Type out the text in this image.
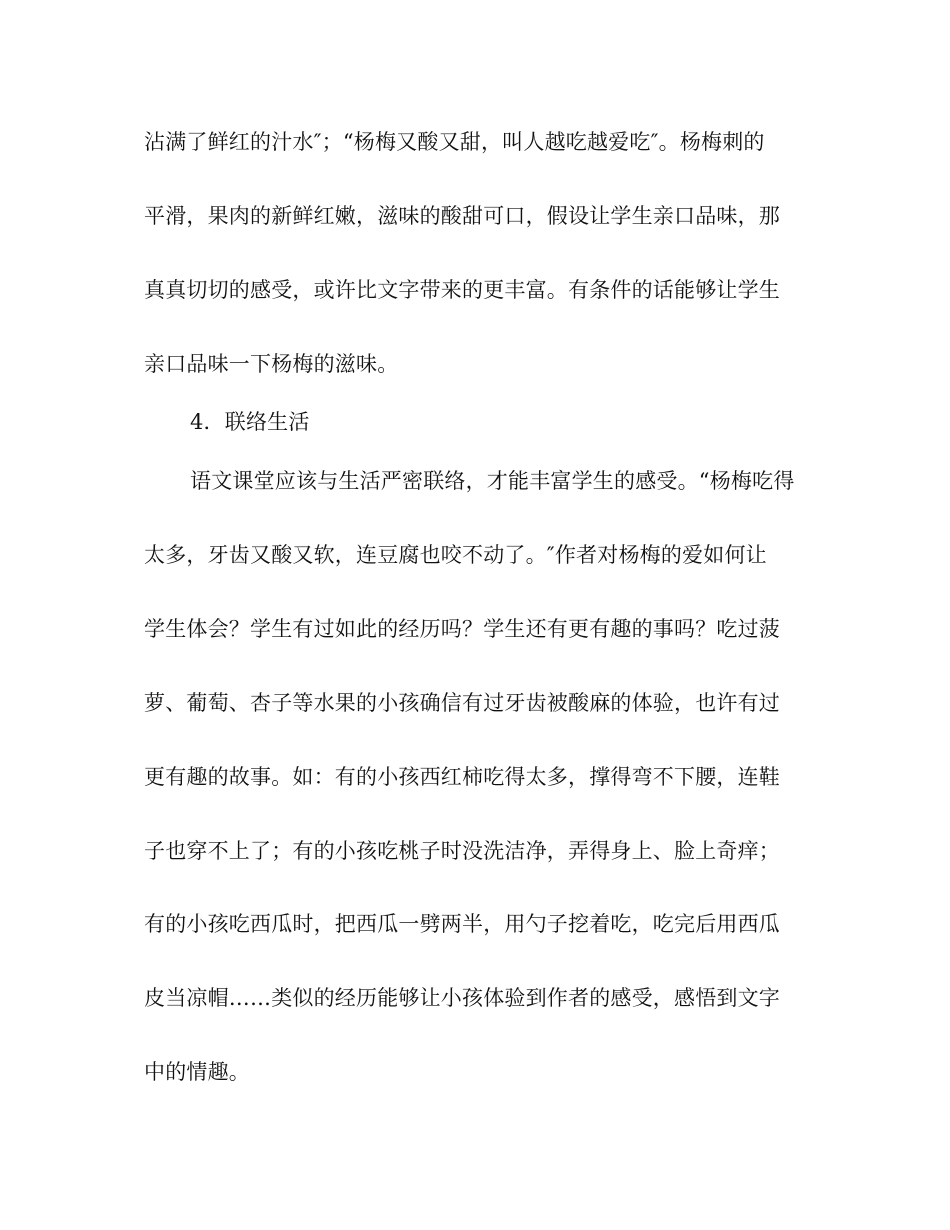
沾满了鲜红的汁水″；“杨梅又酸又甜，叫人越吃越爱吃″。杨梅刺的
平滑，果肉的新鲜红嫩，滋味的酸甜可口，假设让学生亲口品味，那
真真切切的感受，或许比文字带来的更丰富。有条件的话能够让学生
亲口品味一下杨梅的滋味。
4．联络生活
语文课堂应该与生活严密联络，才能丰富学生的感受。“杨梅吃得
太多，牙齿又酸又软，连豆腐也咬不动了。″作者对杨梅的爱如何让
学生体会？学生有过如此的经历吗？学生还有更有趣的事吗？吃过菠
萝、葡萄、杏子等水果的小孩确信有过牙齿被酸麻的体验，也许有过
更有趣的故事。如：有的小孩西红柿吃得太多，撑得弯不下腰，连鞋
子也穿不上了；有的小孩吃桃子时没洗洁净，弄得身上、脸上奇痒；
有的小孩吃西瓜时，把西瓜一劈两半，用勺子挖着吃，吃完后用西瓜
皮当凉帽……类似的经历能够让小孩体验到作者的感受，感悟到文字
中的情趣。
